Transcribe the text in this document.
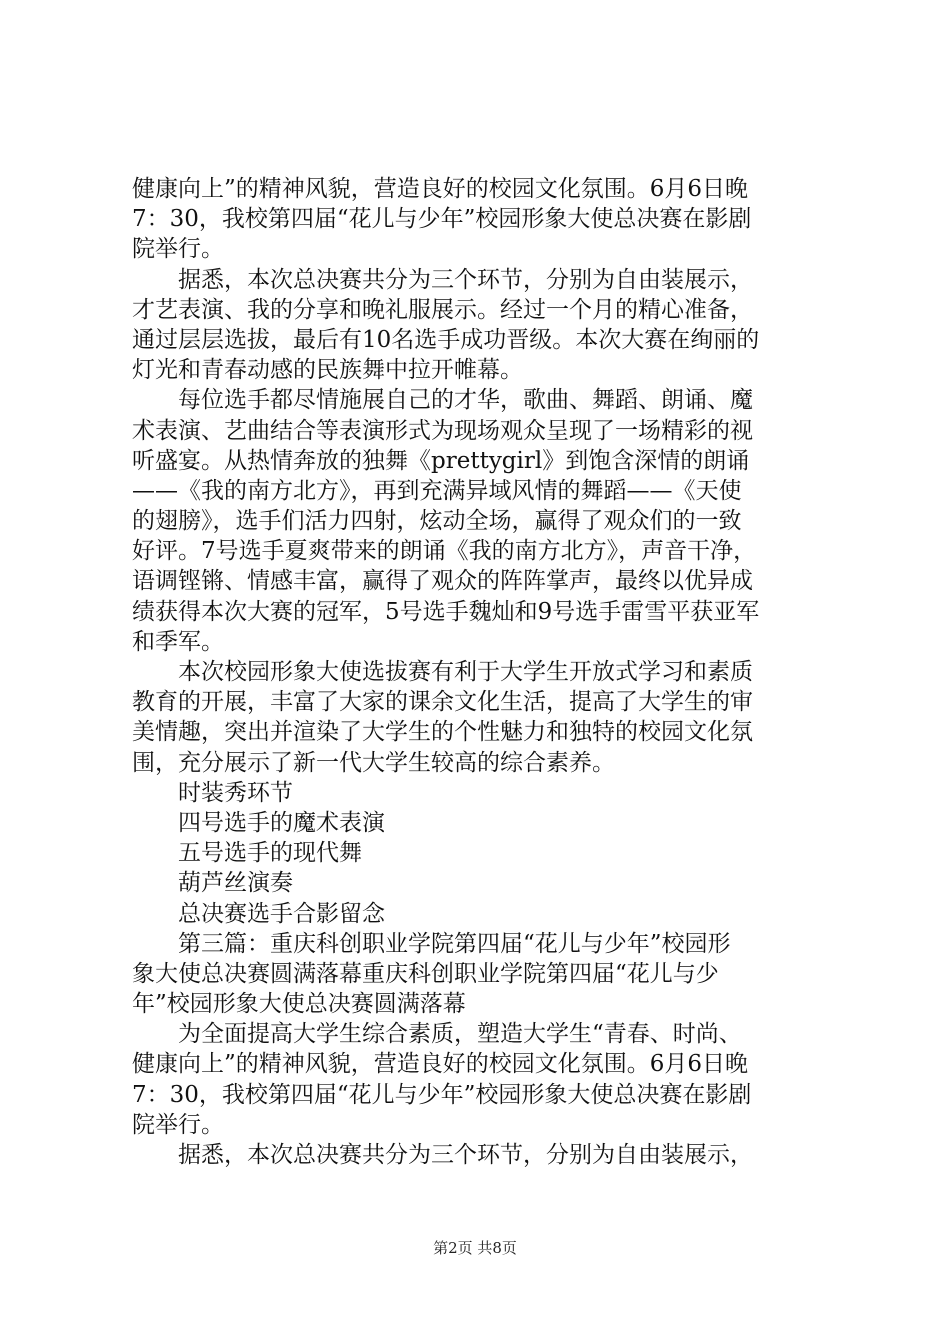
健康向上”的精神风貌，营造良好的校园文化氛围。6月6日晚
7：30，我校第四届“花儿与少年”校园形象大使总决赛在影剧
院举行。
据悉，本次总决赛共分为三个环节，分别为自由装展示，
才艺表演、我的分享和晚礼服展示。经过一个月的精心准备，
通过层层选拔，最后有10名选手成功晋级。本次大赛在绚丽的
灯光和青春动感的民族舞中拉开帷幕。
每位选手都尽情施展自己的才华，歌曲、舞蹈、朗诵、魔
术表演、艺曲结合等表演形式为现场观众呈现了一场精彩的视
听盛宴。从热情奔放的独舞《prettygirl》到饱含深情的朗诵
——《我的南方北方》，再到充满异域风情的舞蹈——《天使
的翅膀》，选手们活力四射，炫动全场，赢得了观众们的一致
好评。7号选手夏爽带来的朗诵《我的南方北方》，声音干净，
语调铿锵、情感丰富，赢得了观众的阵阵掌声，最终以优异成
绩获得本次大赛的冠军，5号选手魏灿和9号选手雷雪平获亚军
和季军。
本次校园形象大使选拔赛有利于大学生开放式学习和素质
教育的开展，丰富了大家的课余文化生活，提高了大学生的审
美情趣，突出并渲染了大学生的个性魅力和独特的校园文化氛
围，充分展示了新一代大学生较高的综合素养。
时装秀环节
四号选手的魔术表演
五号选手的现代舞
葫芦丝演奏
总决赛选手合影留念
第三篇：重庆科创职业学院第四届“花儿与少年”校园形
象大使总决赛圆满落幕重庆科创职业学院第四届“花儿与少
年”校园形象大使总决赛圆满落幕
为全面提高大学生综合素质，塑造大学生“青春、时尚、
健康向上”的精神风貌，营造良好的校园文化氛围。6月6日晚
7：30，我校第四届“花儿与少年”校园形象大使总决赛在影剧
院举行。
据悉，本次总决赛共分为三个环节，分别为自由装展示，
第2页 共8页
